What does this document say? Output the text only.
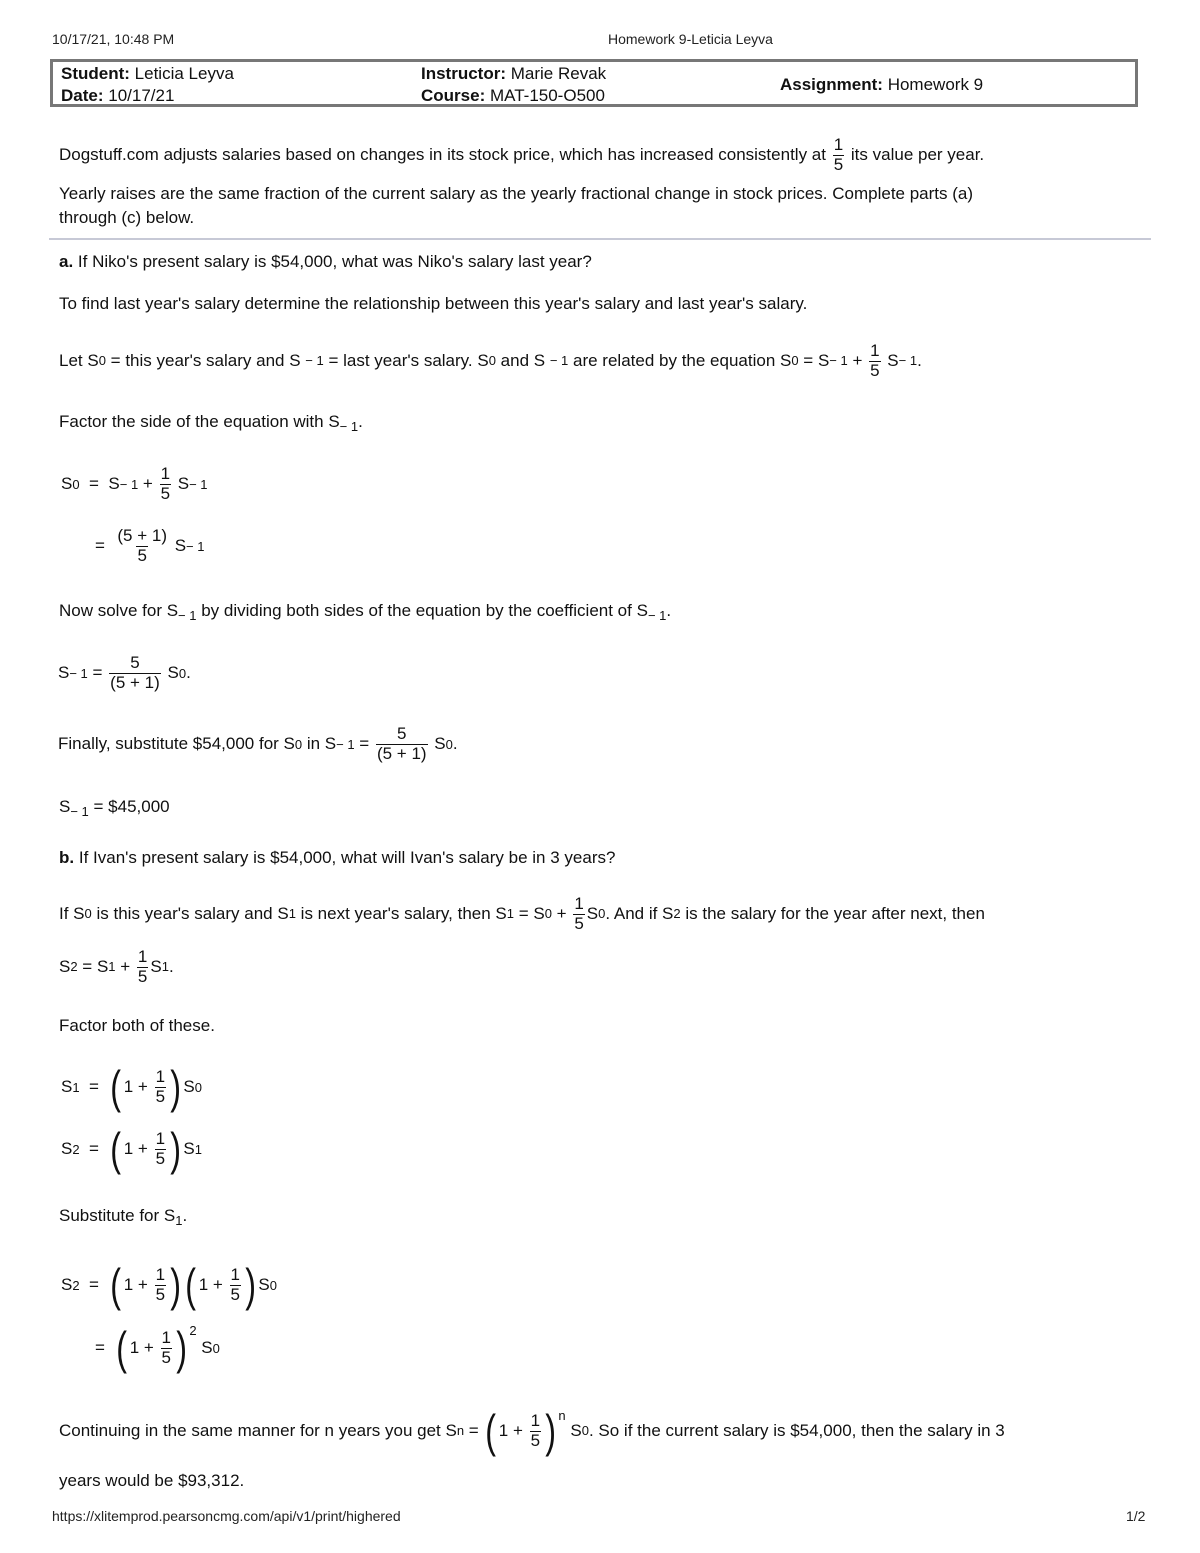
10/17/21, 10:48 PM	Homework 9-Leticia Leyva
Student: Leticia Leyva
Date: 10/17/21
Instructor: Marie Revak
Course: MAT-150-O500
Assignment: Homework 9
Dogstuff.com adjusts salaries based on changes in its stock price, which has increased consistently at
$\frac{1}{5}$
its value per year.
Yearly raises are the same fraction of the current salary as the yearly fractional change in stock prices. Complete parts (a)
through (c) below.
a. If Niko's present salary is $54,000, what was Niko's salary last year?
To find last year's salary determine the relationship between this year's salary and last year's salary.
Let S 0
= this year's salary and S
− 1
= last year's salary. S 0
and S
− 1
are related by the equation S $0 = S - 1 + \frac{1}{5}$ S − 1 .
Factor the side of the equation with $S_{- 1}$.
S $0 = S - 1 + \frac{1}{5}$ S − 1
= $\frac{(5 + 1)}{5}$ S − 1
Now solve for $S_{- 1}$ by dividing both sides of the equation by the coefficient of $S_{- 1}$.
$S - 1 = \frac{5}{(5 + 1)}$ S 0 .
Finally, substitute $54,000 for S 0
in $S - 1 = \frac{5}{(5 + 1)}$ S 0 .
$S_{- 1}$ = $45,000
b. If Ivan's present salary is $54,000, what will Ivan's salary be in 3 years?
If S 0
is this year's salary and S 1
is next year's salary, then S 1 = S $0 + \frac{1}{5}$ S 0 . And if S 2
is the salary for the year after next, then
S 2 = S $1 + \frac{1}{5}$ S 1 .
Factor both of these.
S 1 = ( $1 + \frac{1}{5}$ ) S 0
S 2 = ( $1 + \frac{1}{5}$ ) S 1
Substitute for $S_1$.
S 2 = ( $1 + \frac{1}{5}$ ) ( $1 + \frac{1}{5}$ ) S 0
= ( $1 + \frac{1}{5} )^2$
S 0
Continuing in the same manner for n years you get S n = ( $1 + \frac{1}{5} )^n$
$S_0$ . So if the current salary is $54,000, then the salary in 3
years would be $93,312.
https://xlitemprod.pearsoncmg.com/api/v1/print/highered	1/2
